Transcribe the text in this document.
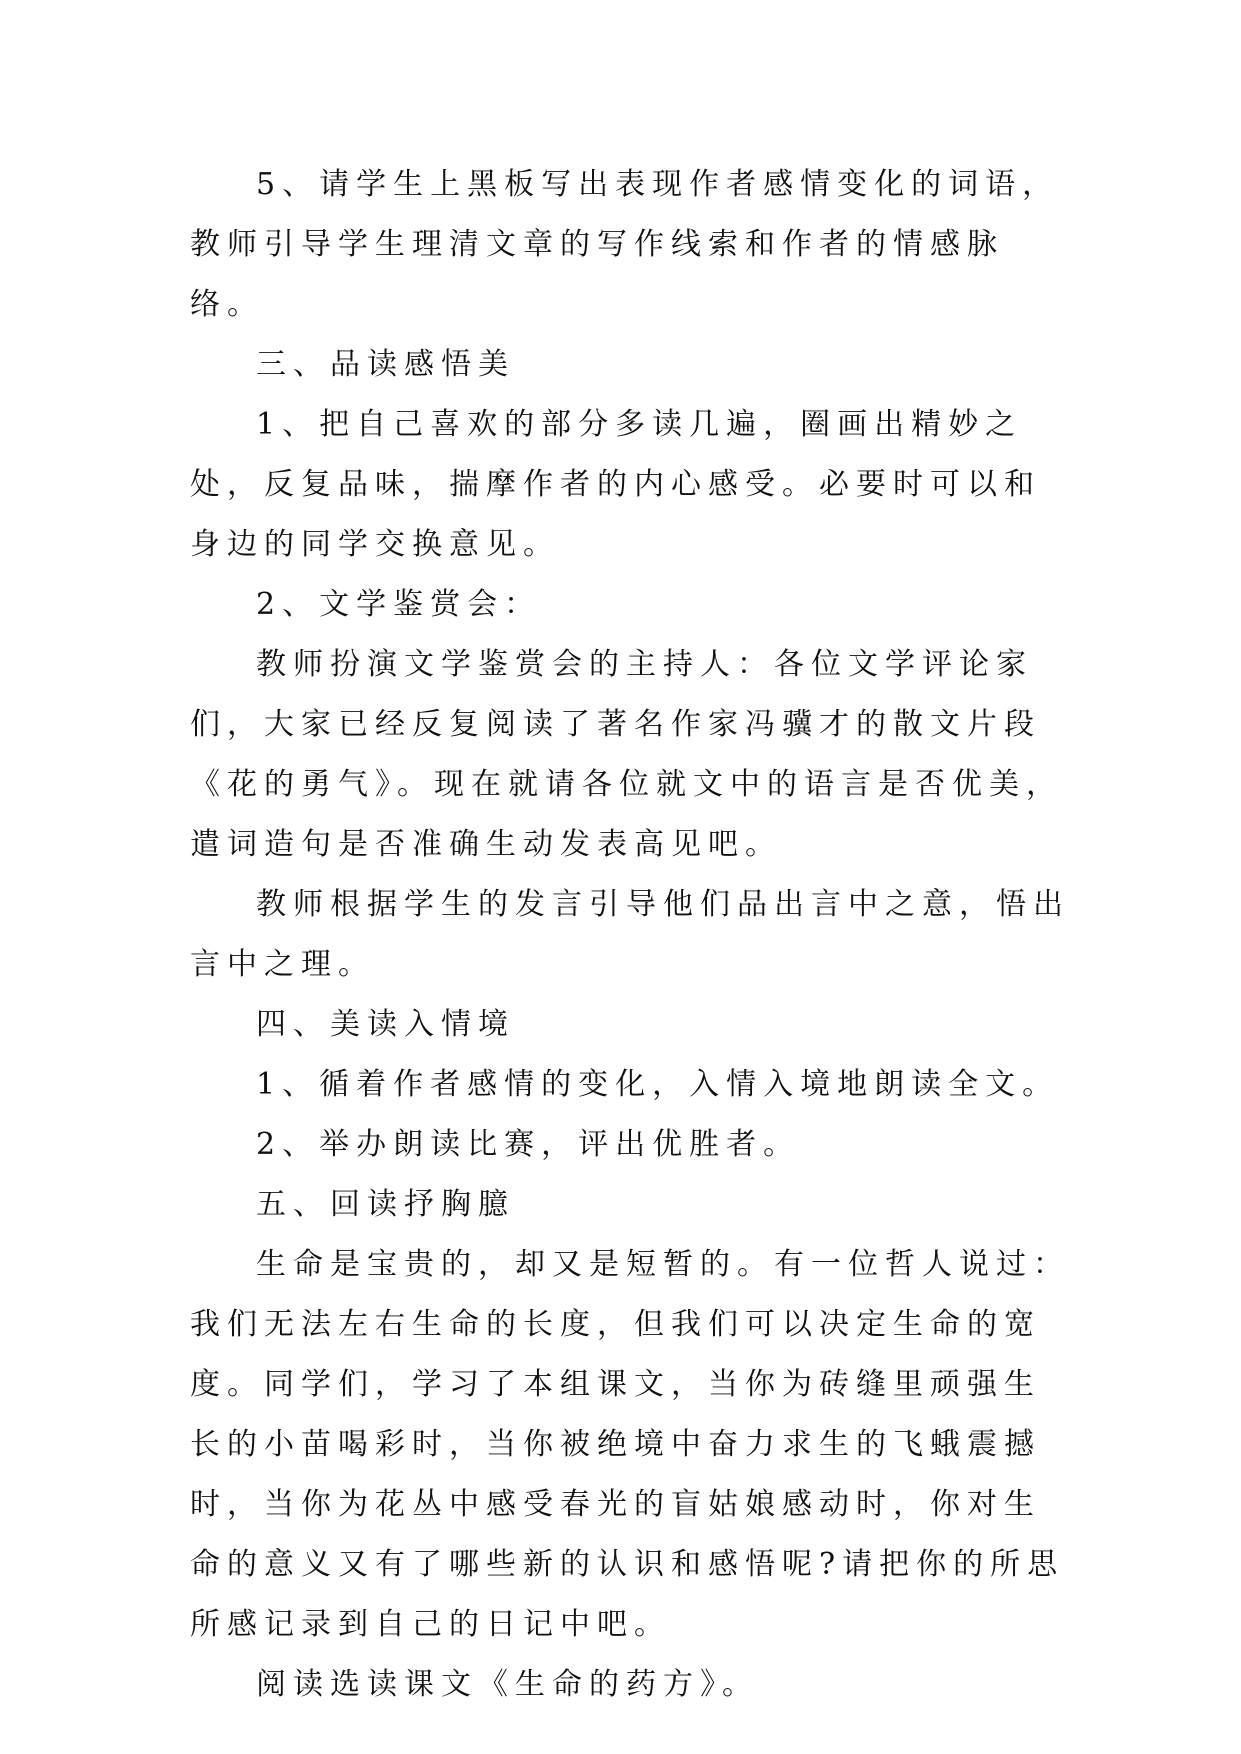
5、请学生上黑板写出表现作者感情变化的词语，教师引导学生理清文章的写作线索和作者的情感脉络。

三、品读感悟美

1、把自己喜欢的部分多读几遍，圈画出精妙之处，反复品味，揣摩作者的内心感受。必要时可以和身边的同学交换意见。

2、文学鉴赏会：

教师扮演文学鉴赏会的主持人：各位文学评论家们，大家已经反复阅读了著名作家冯骥才的散文片段《花的勇气》。现在就请各位就文中的语言是否优美，遣词造句是否准确生动发表高见吧。

教师根据学生的发言引导他们品出言中之意，悟出言中之理。

四、美读入情境

1、循着作者感情的变化，入情入境地朗读全文。

2、举办朗读比赛，评出优胜者。

五、回读抒胸臆

生命是宝贵的，却又是短暂的。有一位哲人说过：我们无法左右生命的长度，但我们可以决定生命的宽度。同学们，学习了本组课文，当你为砖缝里顽强生长的小苗喝彩时，当你被绝境中奋力求生的飞蛾震撼时，当你为花丛中感受春光的盲姑娘感动时，你对生命的意义又有了哪些新的认识和感悟呢?请把你的所思所感记录到自己的日记中吧。

阅读选读课文《生命的药方》。
